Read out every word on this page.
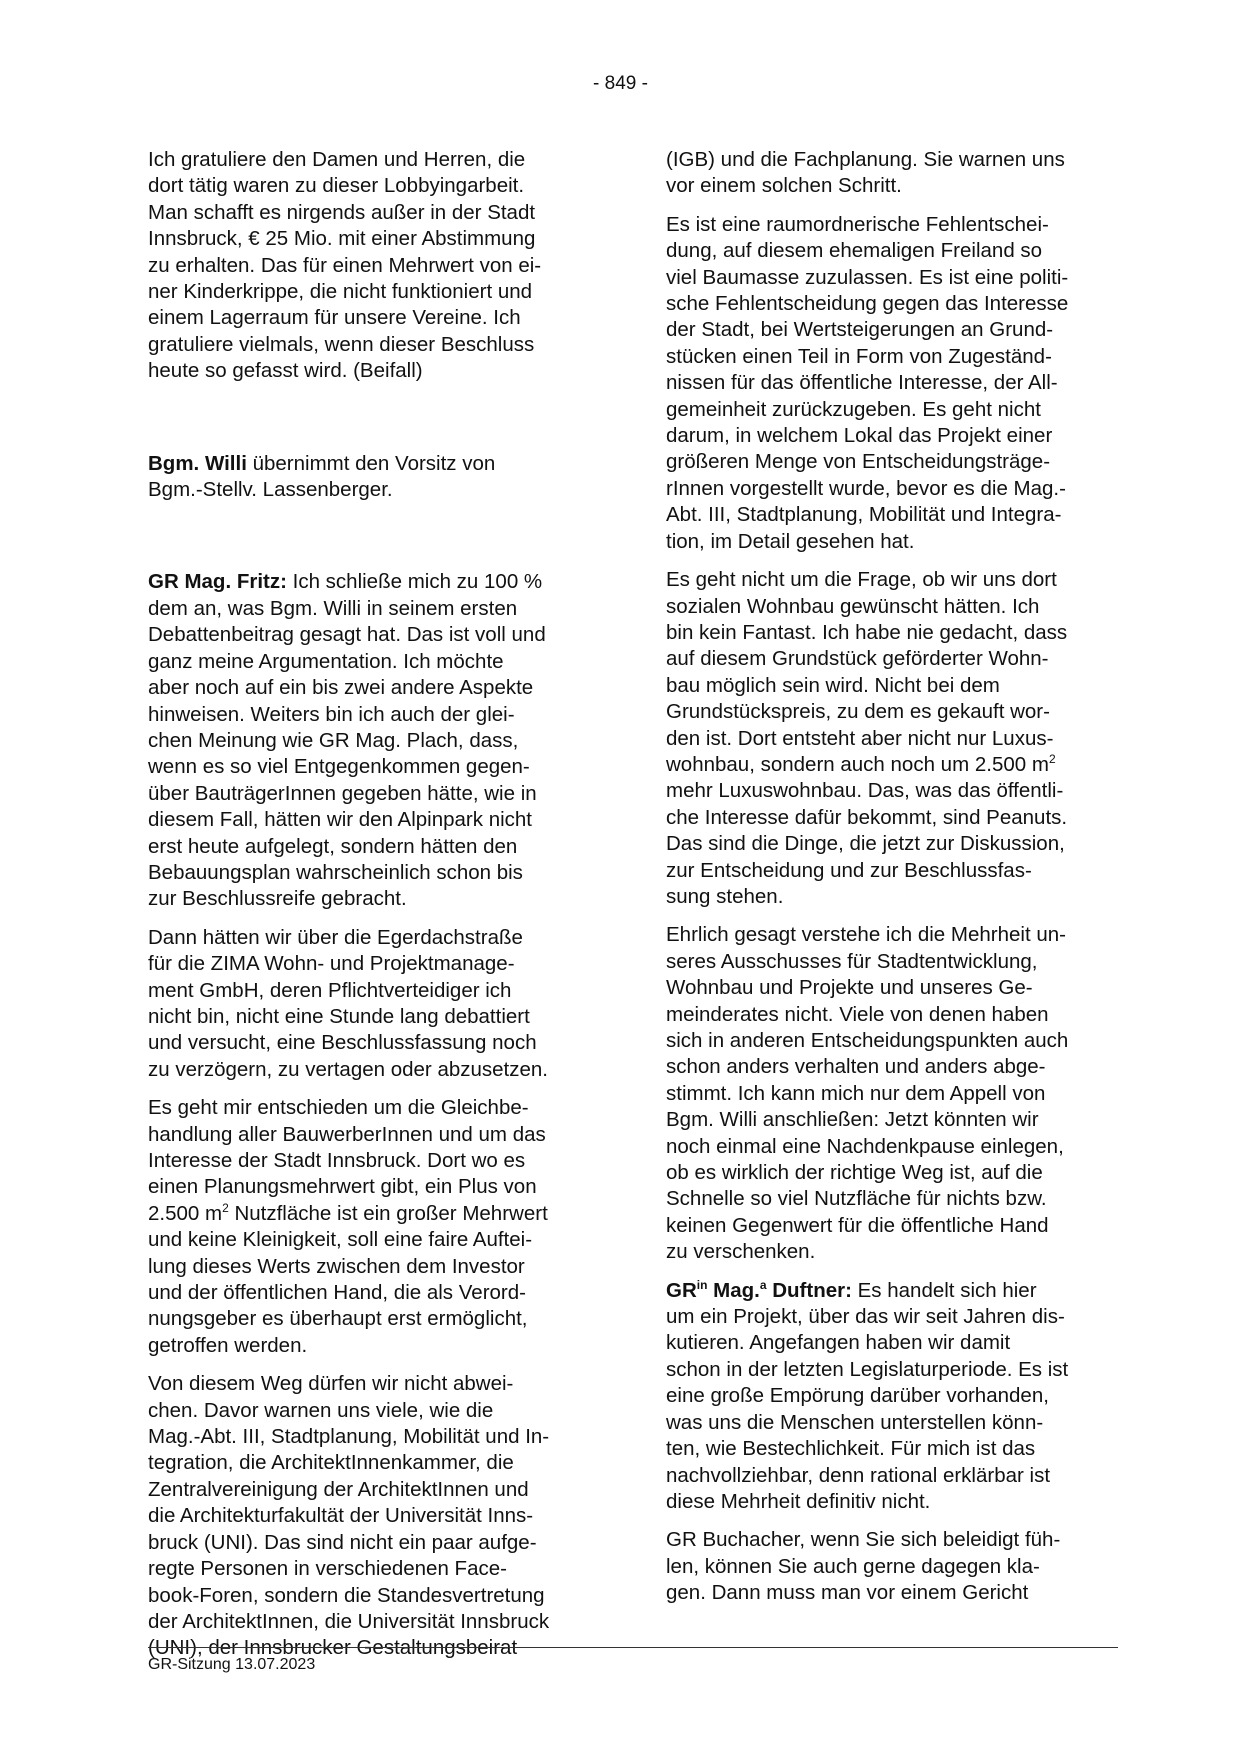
- 849 -

Ich gratuliere den Damen und Herren, die
dort tätig waren zu dieser Lobbyingarbeit.
Man schafft es nirgends außer in der Stadt
Innsbruck, € 25 Mio. mit einer Abstimmung
zu erhalten. Das für einen Mehrwert von ei-
ner Kinderkrippe, die nicht funktioniert und
einem Lagerraum für unsere Vereine. Ich
gratuliere vielmals, wenn dieser Beschluss
heute so gefasst wird. (Beifall)

Bgm. Willi übernimmt den Vorsitz von
Bgm.-Stellv. Lassenberger.

GR Mag. Fritz: Ich schließe mich zu 100 %
dem an, was Bgm. Willi in seinem ersten
Debattenbeitrag gesagt hat. Das ist voll und
ganz meine Argumentation. Ich möchte
aber noch auf ein bis zwei andere Aspekte
hinweisen. Weiters bin ich auch der glei-
chen Meinung wie GR Mag. Plach, dass,
wenn es so viel Entgegenkommen gegen-
über BauträgerInnen gegeben hätte, wie in
diesem Fall, hätten wir den Alpinpark nicht
erst heute aufgelegt, sondern hätten den
Bebauungsplan wahrscheinlich schon bis
zur Beschlussreife gebracht.

Dann hätten wir über die Egerdachstraße
für die ZIMA Wohn- und Projektmanage-
ment GmbH, deren Pflichtverteidiger ich
nicht bin, nicht eine Stunde lang debattiert
und versucht, eine Beschlussfassung noch
zu verzögern, zu vertagen oder abzusetzen.

Es geht mir entschieden um die Gleichbe-
handlung aller BauwerberInnen und um das
Interesse der Stadt Innsbruck. Dort wo es
einen Planungsmehrwert gibt, ein Plus von
2.500 $m^2$ Nutzfläche ist ein großer Mehrwert
und keine Kleinigkeit, soll eine faire Auftei-
lung dieses Werts zwischen dem Investor
und der öffentlichen Hand, die als Verord-
nungsgeber es überhaupt erst ermöglicht,
getroffen werden.

Von diesem Weg dürfen wir nicht abwei-
chen. Davor warnen uns viele, wie die
Mag.-Abt. III, Stadtplanung, Mobilität und In-
tegration, die ArchitektInnenkammer, die
Zentralvereinigung der ArchitektInnen und
die Architekturfakultät der Universität Inns-
bruck (UNI). Das sind nicht ein paar aufge-
regte Personen in verschiedenen Face-
book-Foren, sondern die Standesvertretung
der ArchitektInnen, die Universität Innsbruck
(UNI), der Innsbrucker Gestaltungsbeirat

(IGB) und die Fachplanung. Sie warnen uns
vor einem solchen Schritt.

Es ist eine raumordnerische Fehlentschei-
dung, auf diesem ehemaligen Freiland so
viel Baumasse zuzulassen. Es ist eine politi-
sche Fehlentscheidung gegen das Interesse
der Stadt, bei Wertsteigerungen an Grund-
stücken einen Teil in Form von Zugeständ-
nissen für das öffentliche Interesse, der All-
gemeinheit zurückzugeben. Es geht nicht
darum, in welchem Lokal das Projekt einer
größeren Menge von Entscheidungsträge-
rInnen vorgestellt wurde, bevor es die Mag.-
Abt. III, Stadtplanung, Mobilität und Integra-
tion, im Detail gesehen hat.

Es geht nicht um die Frage, ob wir uns dort
sozialen Wohnbau gewünscht hätten. Ich
bin kein Fantast. Ich habe nie gedacht, dass
auf diesem Grundstück geförderter Wohn-
bau möglich sein wird. Nicht bei dem
Grundstückspreis, zu dem es gekauft wor-
den ist. Dort entsteht aber nicht nur Luxus-
wohnbau, sondern auch noch um 2.500 $m^2$
mehr Luxuswohnbau. Das, was das öffentli-
che Interesse dafür bekommt, sind Peanuts.
Das sind die Dinge, die jetzt zur Diskussion,
zur Entscheidung und zur Beschlussfas-
sung stehen.

Ehrlich gesagt verstehe ich die Mehrheit un-
seres Ausschusses für Stadtentwicklung,
Wohnbau und Projekte und unseres Ge-
meinderates nicht. Viele von denen haben
sich in anderen Entscheidungspunkten auch
schon anders verhalten und anders abge-
stimmt. Ich kann mich nur dem Appell von
Bgm. Willi anschließen: Jetzt könnten wir
noch einmal eine Nachdenkpause einlegen,
ob es wirklich der richtige Weg ist, auf die
Schnelle so viel Nutzfläche für nichts bzw.
keinen Gegenwert für die öffentliche Hand
zu verschenken.

$GR^{in}$ Mag.$^a$ Duftner: Es handelt sich hier
um ein Projekt, über das wir seit Jahren dis-
kutieren. Angefangen haben wir damit
schon in der letzten Legislaturperiode. Es ist
eine große Empörung darüber vorhanden,
was uns die Menschen unterstellen könn-
ten, wie Bestechlichkeit. Für mich ist das
nachvollziehbar, denn rational erklärbar ist
diese Mehrheit definitiv nicht.

GR Buchacher, wenn Sie sich beleidigt füh-
len, können Sie auch gerne dagegen kla-
gen. Dann muss man vor einem Gericht

GR-Sitzung 13.07.2023
